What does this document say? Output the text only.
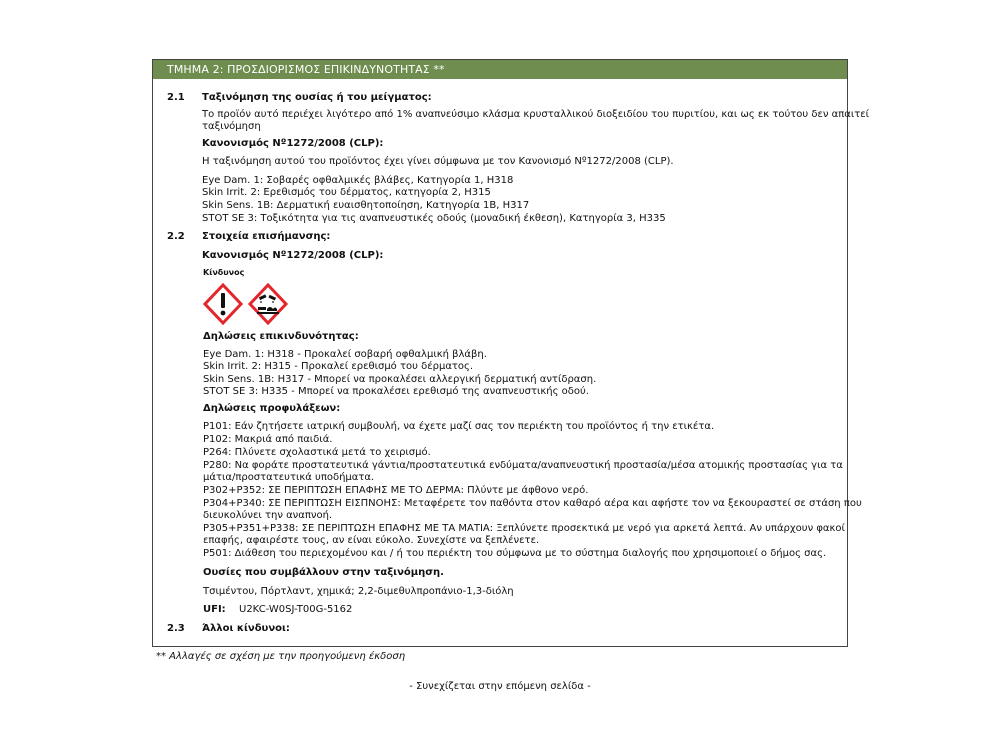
ΤΜΗΜΑ 2: ΠΡΟΣΔΙΟΡΙΣΜΟΣ ΕΠΙΚΙΝΔΥΝΟΤΗΤΑΣ **
2.1 Ταξινόμηση της ουσίας ή του μείγματος:
Το προϊόν αυτό περιέχει λιγότερο από 1% αναπνεύσιμο κλάσμα κρυσταλλικού διοξειδίου του πυριτίου, και ως εκ τούτου δεν απαιτεί
ταξινόμηση
Κανονισμός Nº1272/2008 (CLP):
Η ταξινόμηση αυτού του προϊόντος έχει γίνει σύμφωνα με τον Κανονισμό Nº1272/2008 (CLP).
Eye Dam. 1: Σοβαρές οφθαλμικές βλάβες, Κατηγορία 1, H318
Skin Irrit. 2: Ερεθισμός του δέρματος, κατηγορία 2, H315
Skin Sens. 1B: Δερματική ευαισθητοποίηση, Κατηγορία 1B, H317
STOT SE 3: Τοξικότητα για τις αναπνευστικές οδούς (μοναδική έκθεση), Κατηγορία 3, H335
2.2 Στοιχεία επισήμανσης:
Κανονισμός Nº1272/2008 (CLP):
Κίνδυνος
Δηλώσεις επικινδυνότητας:
Eye Dam. 1: H318 - Προκαλεί σοβαρή οφθαλμική βλάβη.
Skin Irrit. 2: H315 - Προκαλεί ερεθισμό του δέρματος.
Skin Sens. 1B: H317 - Μπορεί να προκαλέσει αλλεργική δερματική αντίδραση.
STOT SE 3: H335 - Μπορεί να προκαλέσει ερεθισμό της αναπνευστικής οδού.
Δηλώσεις προφυλάξεων:
P101: Εάν ζητήσετε ιατρική συμβουλή, να έχετε μαζί σας τον περιέκτη του προϊόντος ή την ετικέτα.
P102: Μακριά από παιδιά.
P264: Πλύνετε σχολαστικά μετά το χειρισμό.
P280: Να φοράτε προστατευτικά γάντια/προστατευτικά ενδύματα/αναπνευστική προστασία/μέσα ατομικής προστασίας για τα
μάτια/προστατευτικά υποδήματα.
P302+P352: ΣΕ ΠΕΡΙΠΤΩΣΗ ΕΠΑΦΗΣ ΜΕ ΤΟ ΔΕΡΜΑ: Πλύντε με άφθονο νερό.
P304+P340: ΣΕ ΠΕΡΙΠΤΩΣΗ ΕΙΣΠΝΟΗΣ: Μεταφέρετε τον παθόντα στον καθαρό αέρα και αφήστε τον να ξεκουραστεί σε στάση που
διευκολύνει την αναπνοή.
P305+P351+P338: ΣΕ ΠΕΡΙΠΤΩΣΗ ΕΠΑΦΗΣ ΜΕ ΤΑ ΜΑΤΙΑ: Ξεπλύνετε προσεκτικά με νερό για αρκετά λεπτά. Αν υπάρχουν φακοί
επαφής, αφαιρέστε τους, αν είναι εύκολο. Συνεχίστε να ξεπλένετε.
P501: Διάθεση του περιεχομένου και / ή του περιέκτη του σύμφωνα με το σύστημα διαλογής που χρησιμοποιεί ο δήμος σας.
Ουσίες που συμβάλλουν στην ταξινόμηση.
Τσιμέντου, Πόρτλαντ, χημικά; 2,2-διμεθυλπροπάνιο-1,3-διόλη
UFI: U2KC-W0SJ-T00G-5162
2.3 Άλλοι κίνδυνοι:
** Αλλαγές σε σχέση με την προηγούμενη έκδοση
- Συνεχίζεται στην επόμενη σελίδα -
